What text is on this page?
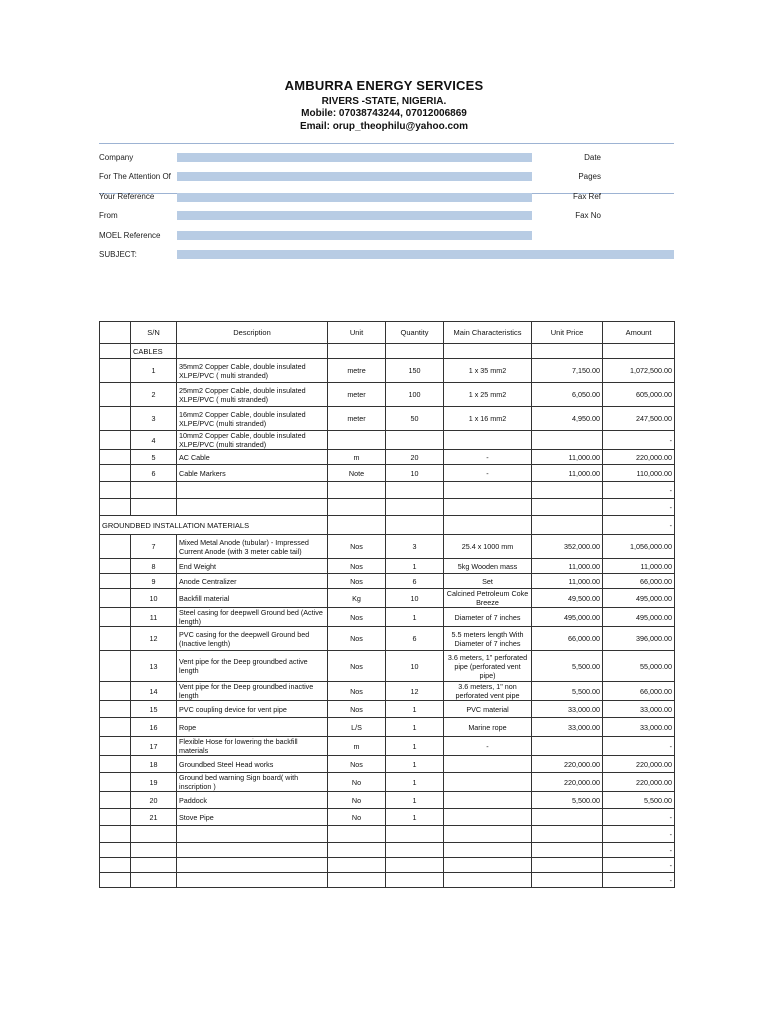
AMBURRA ENERGY SERVICES
RIVERS -STATE, NIGERIA.
Mobile: 07038743244, 07012006869
Email: orup_theophilu@yahoo.com
Company	Date
For The Attention Of	Pages
Your Reference	Fax Ref
From	Fax No
MOEL Reference
SUBJECT:
	S/N	Description	Unit	Quantity	Main Characteristics	Unit Price	Amount
	CABLES						
	1	35mm2 Copper Cable, double insulated XLPE/PVC ( multi stranded)	metre	150	1 x 35 mm2	7,150.00	1,072,500.00
	2	25mm2 Copper Cable, double insulated XLPE/PVC ( multi stranded)	meter	100	1 x 25 mm2	6,050.00	605,000.00
	3	16mm2 Copper Cable, double insulated XLPE/PVC (multi stranded)	meter	50	1 x 16 mm2	4,950.00	247,500.00
	4	10mm2 Copper Cable, double insulated XLPE/PVC (multi stranded)					-
	5	AC Cable	m	20	-	11,000.00	220,000.00
	6	Cable Markers	Note	10	-	11,000.00	110,000.00
							-
							-
GROUNDBED INSTALLATION MATERIALS							-
	7	Mixed Metal Anode (tubular) - Impressed Current Anode (with 3 meter cable tail)	Nos	3	25.4 x 1000 mm	352,000.00	1,056,000.00
	8	End Weight	Nos	1	5kg Wooden mass	11,000.00	11,000.00
	9	Anode Centralizer	Nos	6	Set	11,000.00	66,000.00
	10	Backfill material	Kg	10	Calcined Petroleum Coke Breeze	49,500.00	495,000.00
	11	Steel casing for deepwell Ground bed (Active length)	Nos	1	Diameter of 7 inches	495,000.00	495,000.00
	12	PVC casing for the deepwell Ground bed (Inactive length)	Nos	6	5.5 meters length With Diameter of 7 inches	66,000.00	396,000.00
	13	Vent pipe for the Deep groundbed active length	Nos	10	3.6 meters, 1" perforated pipe (perforated vent pipe)	5,500.00	55,000.00
	14	Vent pipe for the Deep groundbed inactive length	Nos	12	3.6 meters, 1" non perforated vent pipe	5,500.00	66,000.00
	15	PVC coupling device for vent pipe	Nos	1	PVC material	33,000.00	33,000.00
	16	Rope	L/S	1	Marine rope	33,000.00	33,000.00
	17	Flexible Hose for lowering the backfill materials	m	1	-		-
	18	Groundbed Steel Head works	Nos	1		220,000.00	220,000.00
	19	Ground bed warning Sign board( with inscription )	No	1		220,000.00	220,000.00
	20	Paddock	No	1		5,500.00	5,500.00
	21	Stove Pipe	No	1			-
							-
							-
							-
							-
